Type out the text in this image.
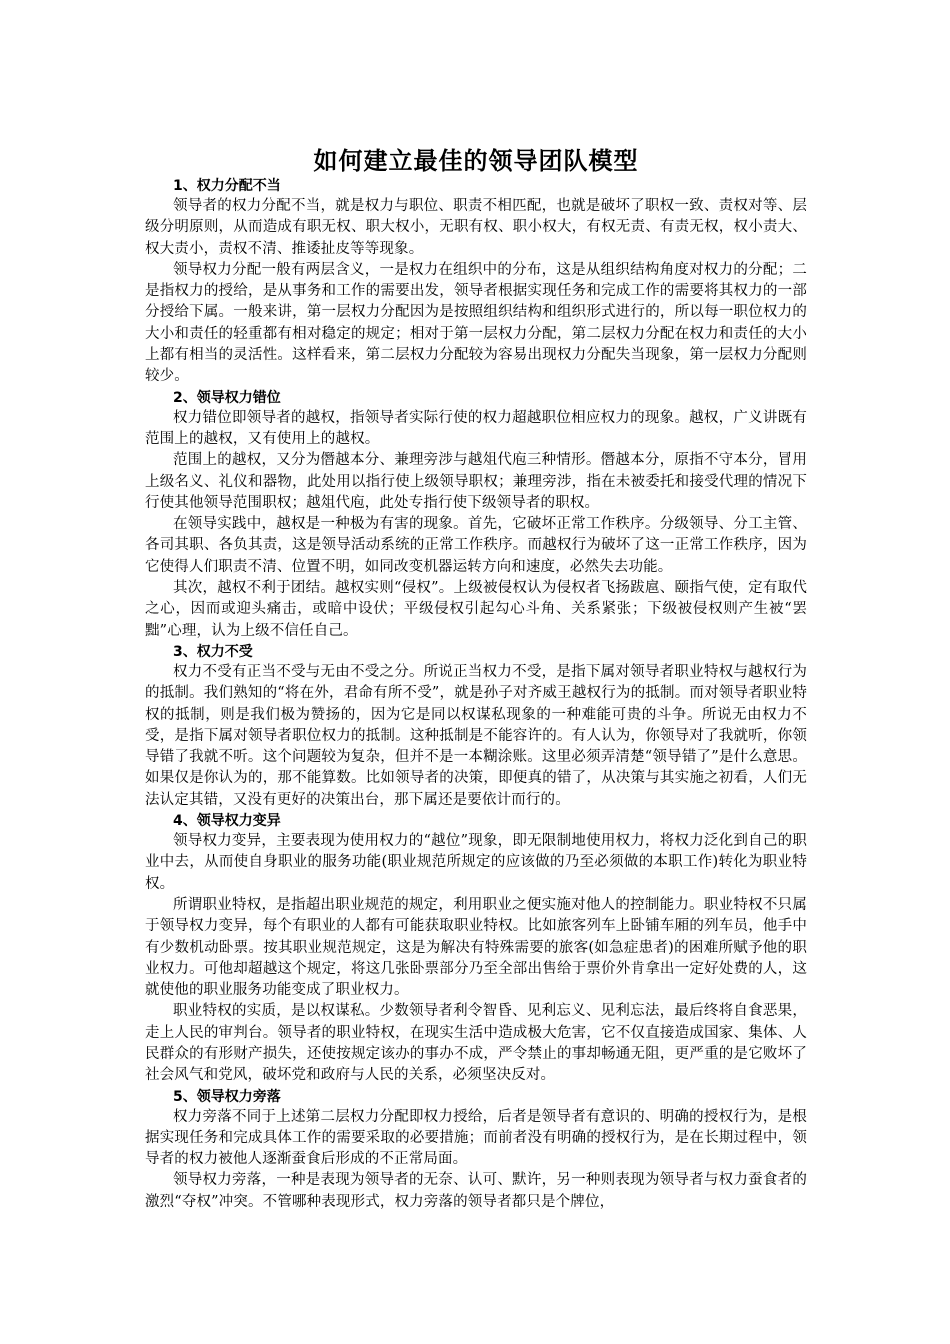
如何建立最佳的领导团队模型

1、权力分配不当

领导者的权力分配不当，就是权力与职位、职责不相匹配，也就是破坏了职权一致、责权对等、层级分明原则，从而造成有职无权、职大权小，无职有权、职小权大，有权无责、有责无权，权小责大、权大责小，责权不清、推诿扯皮等等现象。

领导权力分配一般有两层含义，一是权力在组织中的分布，这是从组织结构角度对权力的分配；二是指权力的授给，是从事务和工作的需要出发，领导者根据实现任务和完成工作的需要将其权力的一部分授给下属。一般来讲，第一层权力分配因为是按照组织结构和组织形式进行的，所以每一职位权力的大小和责任的轻重都有相对稳定的规定；相对于第一层权力分配，第二层权力分配在权力和责任的大小上都有相当的灵活性。这样看来，第二层权力分配较为容易出现权力分配失当现象，第一层权力分配则较少。

2、领导权力错位

权力错位即领导者的越权，指领导者实际行使的权力超越职位相应权力的现象。越权，广义讲既有范围上的越权，又有使用上的越权。

范围上的越权，又分为僭越本分、兼理旁涉与越俎代庖三种情形。僭越本分，原指不守本分，冒用上级名义、礼仪和器物，此处用以指行使上级领导职权；兼理旁涉，指在未被委托和接受代理的情况下行使其他领导范围职权；越俎代庖，此处专指行使下级领导者的职权。

在领导实践中，越权是一种极为有害的现象。首先，它破坏正常工作秩序。分级领导、分工主管、各司其职、各负其责，这是领导活动系统的正常工作秩序。而越权行为破坏了这一正常工作秩序，因为它使得人们职责不清、位置不明，如同改变机器运转方向和速度，必然失去功能。

其次，越权不利于团结。越权实则“侵权”。上级被侵权认为侵权者飞扬跋扈、颐指气使，定有取代之心，因而或迎头痛击，或暗中设伏；平级侵权引起勾心斗角、关系紧张；下级被侵权则产生被“罢黜”心理，认为上级不信任自己。

3、权力不受

权力不受有正当不受与无由不受之分。所说正当权力不受，是指下属对领导者职业特权与越权行为的抵制。我们熟知的“将在外，君命有所不受”，就是孙子对齐威王越权行为的抵制。而对领导者职业特权的抵制，则是我们极为赞扬的，因为它是同以权谋私现象的一种难能可贵的斗争。所说无由权力不受，是指下属对领导者职位权力的抵制。这种抵制是不能容许的。有人认为，你领导对了我就听，你领导错了我就不听。这个问题较为复杂，但并不是一本糊涂账。这里必须弄清楚“领导错了”是什么意思。如果仅是你认为的，那不能算数。比如领导者的决策，即便真的错了，从决策与其实施之初看，人们无法认定其错，又没有更好的决策出台，那下属还是要依计而行的。

4、领导权力变异

领导权力变异，主要表现为使用权力的“越位”现象，即无限制地使用权力，将权力泛化到自己的职业中去，从而使自身职业的服务功能(职业规范所规定的应该做的乃至必须做的本职工作)转化为职业特权。

所谓职业特权，是指超出职业规范的规定，利用职业之便实施对他人的控制能力。职业特权不只属于领导权力变异，每个有职业的人都有可能获取职业特权。比如旅客列车上卧铺车厢的列车员，他手中有少数机动卧票。按其职业规范规定，这是为解决有特殊需要的旅客(如急症患者)的困难所赋予他的职业权力。可他却超越这个规定，将这几张卧票部分乃至全部出售给于票价外肯拿出一定好处费的人，这就使他的职业服务功能变成了职业权力。

职业特权的实质，是以权谋私。少数领导者利令智昏、见利忘义、见利忘法，最后终将自食恶果，走上人民的审判台。领导者的职业特权，在现实生活中造成极大危害，它不仅直接造成国家、集体、人民群众的有形财产损失，还使按规定该办的事办不成，严令禁止的事却畅通无阻，更严重的是它败坏了社会风气和党风，破坏党和政府与人民的关系，必须坚决反对。

5、领导权力旁落

权力旁落不同于上述第二层权力分配即权力授给，后者是领导者有意识的、明确的授权行为，是根据实现任务和完成具体工作的需要采取的必要措施；而前者没有明确的授权行为，是在长期过程中，领导者的权力被他人逐渐蚕食后形成的不正常局面。

领导权力旁落，一种是表现为领导者的无奈、认可、默许，另一种则表现为领导者与权力蚕食者的激烈“夺权”冲突。不管哪种表现形式，权力旁落的领导者都只是个牌位，
